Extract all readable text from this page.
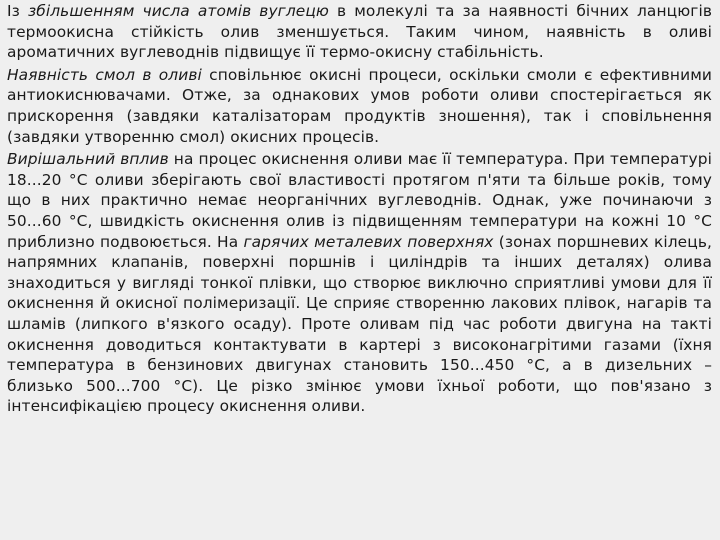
Із збільшенням числа атомів вуглецю в молекулі та за наявності бічних ланцюгів термоокисна стійкість олив зменшується. Таким чином, наявність в оливі ароматичних вуглеводнів підвищує її термо-окисну стабільність.

Наявність смол в оливі сповільнює окисні процеси, оскільки смоли є ефективними антиокиснювачами. Отже, за однакових умов роботи оливи спостерігається як прискорення (завдяки каталізаторам продуктів зношення), так і сповільнення (завдяки утворенню смол) окисних процесів.

Вирішальний вплив на процес окиснення оливи має її температура. При температурі 18...20 °С оливи зберігають свої властивості протягом п'яти та більше років, тому що в них практично немає неорганічних вуглеводнів. Однак, уже починаючи з 50...60 °С, швидкість окиснення олив із підвищенням температури на кожні 10 °С приблизно подвоюється. На гарячих металевих поверхнях (зонах поршневих кілець, напрямних клапанів, поверхні поршнів і циліндрів та інших деталях) олива знаходиться у вигляді тонкої плівки, що створює виключно сприятливі умови для її окиснення й окисної полімеризації. Це сприяє створенню лакових плівок, нагарів та шламів (липкого в'язкого осаду). Проте оливам під час роботи двигуна на такті окиснення доводиться контактувати в картері з високонагрітими газами (їхня температура в бензинових двигунах становить 150...450 °С, а в дизельних – близько 500...700 °С). Це різко змінює умови їхньої роботи, що пов'язано з інтенсифікацією процесу окиснення оливи.
